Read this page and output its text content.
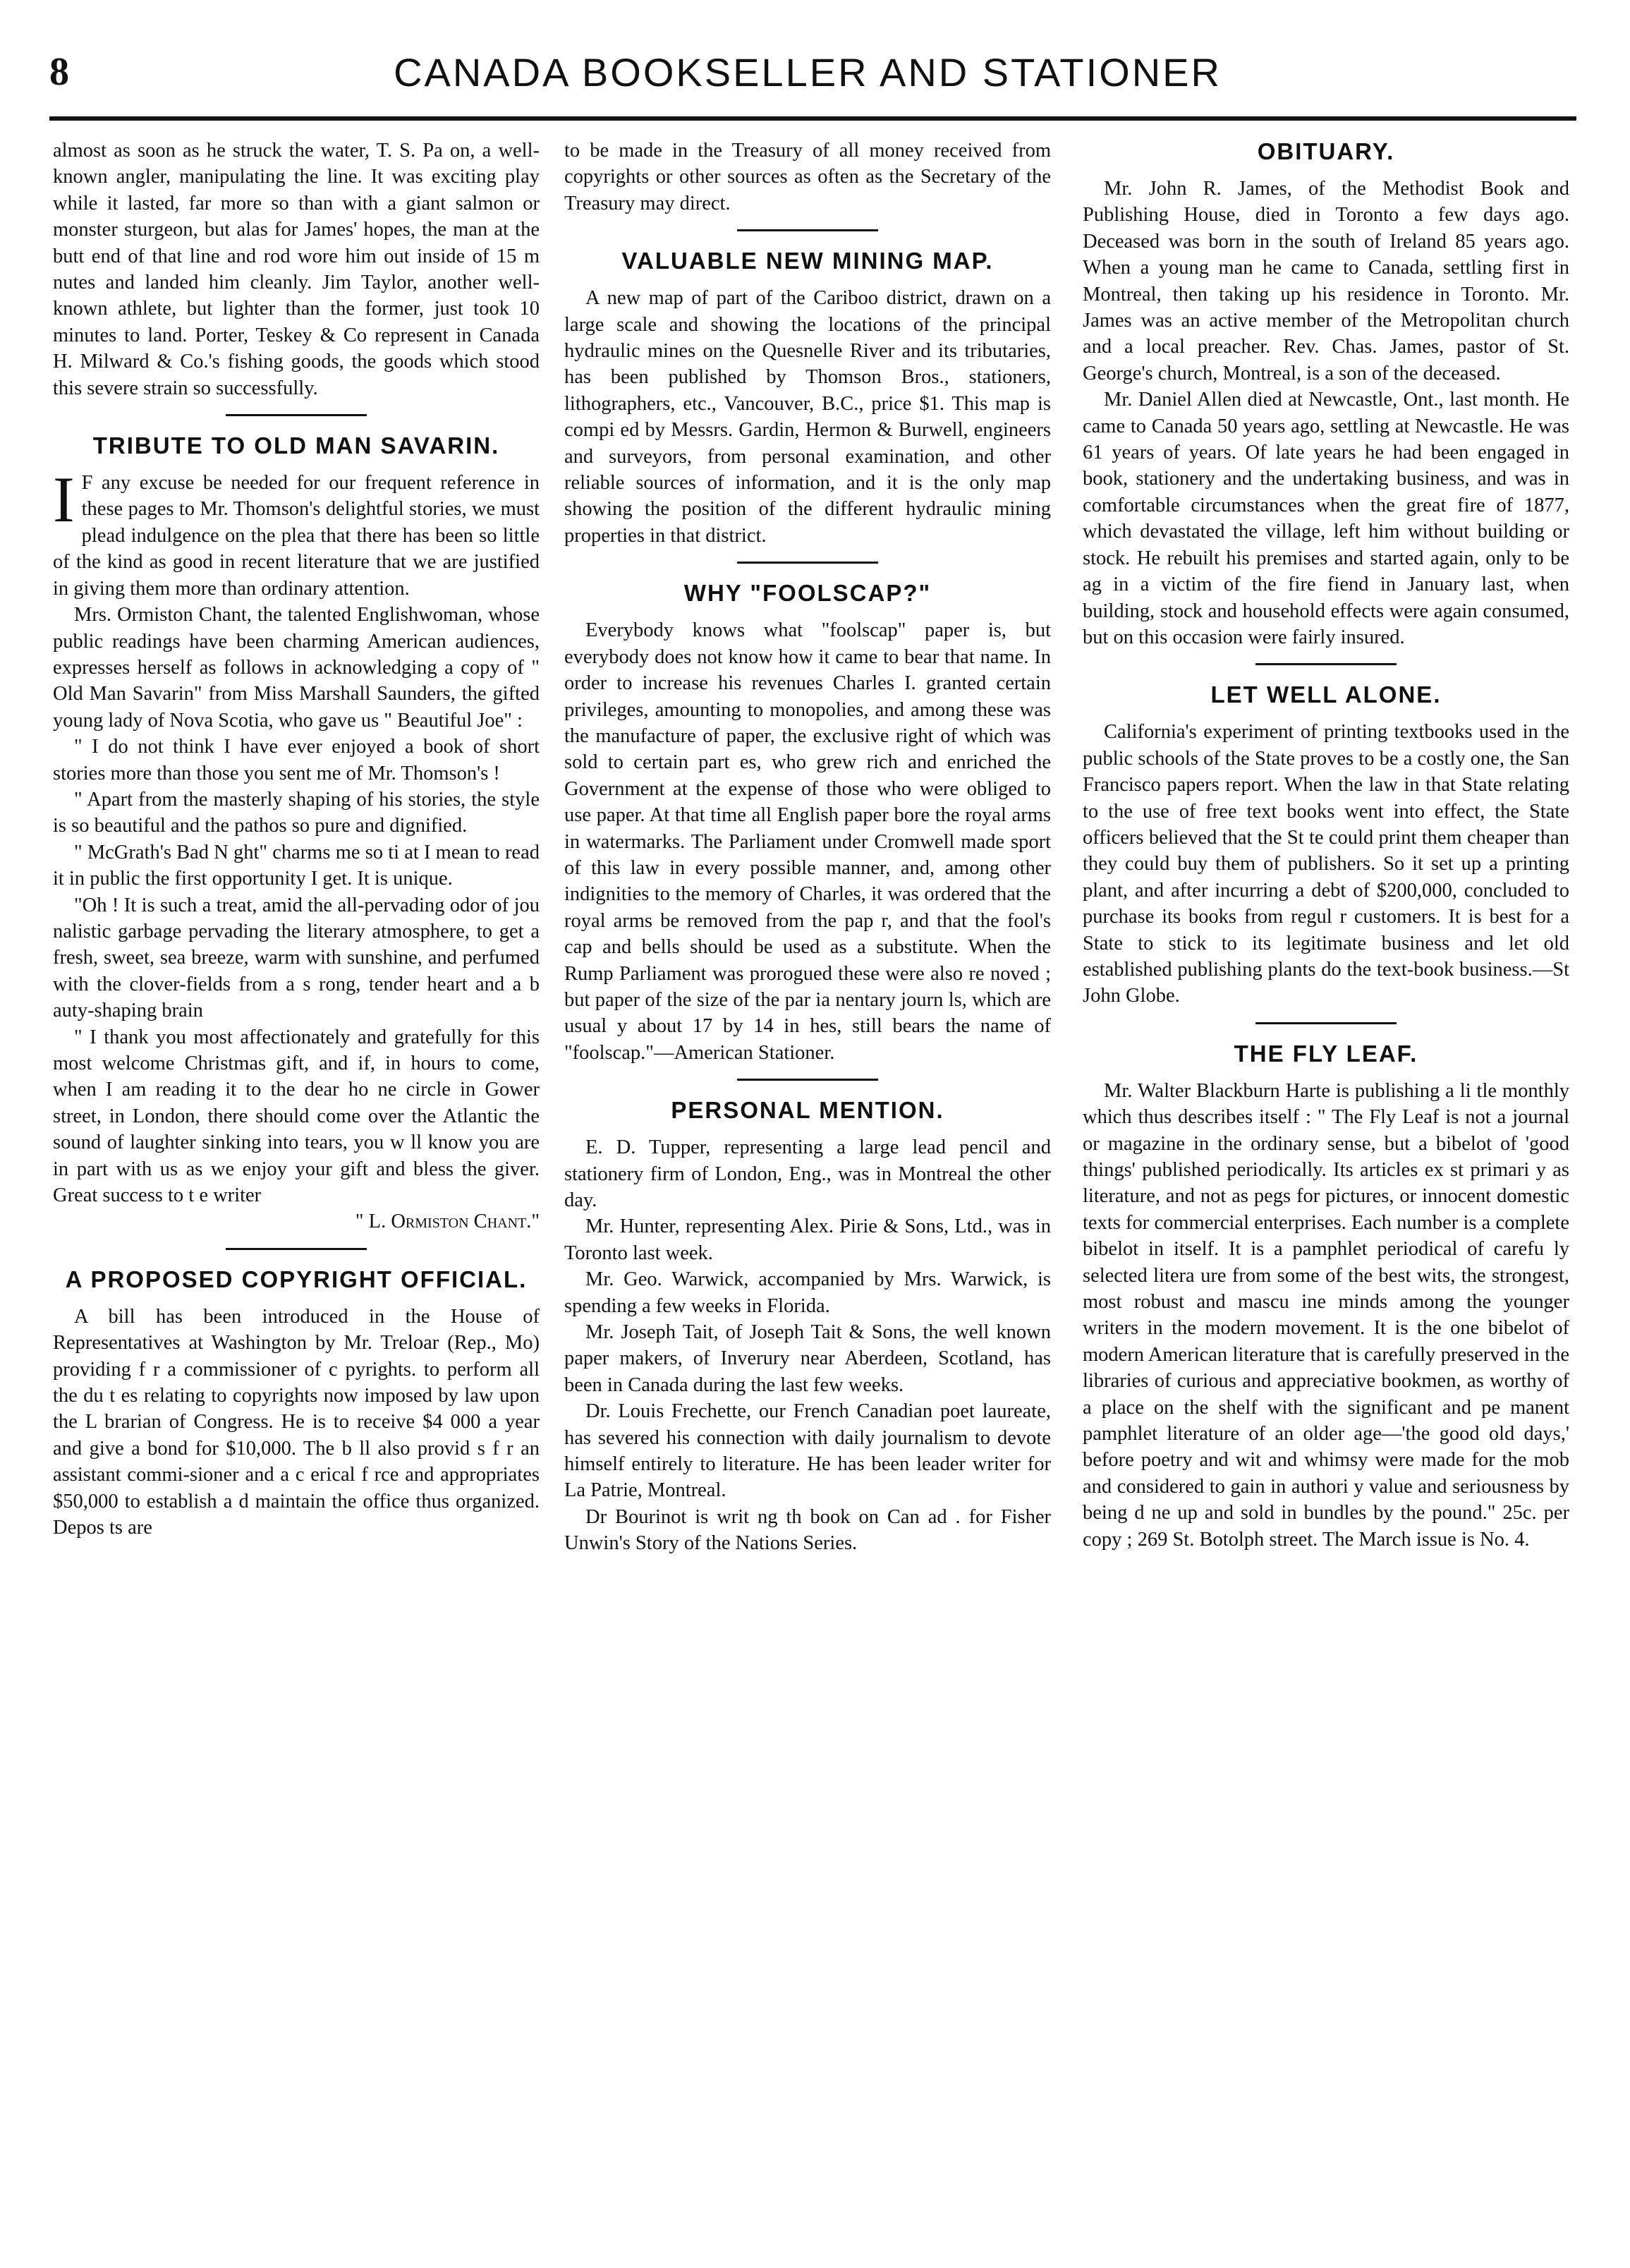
8	CANADA BOOKSELLER AND STATIONER

almost as soon as he struck the water, T. S. Pa on, a well-known angler, manipulating the line. It was exciting play while it lasted, far more so than with a giant salmon or monster sturgeon, but alas for James' hopes, the man at the butt end of that line and rod wore him out inside of 15 m nutes and landed him cleanly. Jim Taylor, another well-known athlete, but lighter than the former, just took 10 minutes to land. Porter, Teskey & Co represent in Canada H. Milward & Co.'s fishing goods, the goods which stood this severe strain so successfully.

TRIBUTE TO OLD MAN SAVARIN.

I F any excuse be needed for our frequent reference in these pages to Mr. Thomson's delightful stories, we must plead indulgence on the plea that there has been so little of the kind as good in recent literature that we are justified in giving them more than ordinary attention.

Mrs. Ormiston Chant, the talented Englishwoman, whose public readings have been charming American audiences, expresses herself as follows in acknowledging a copy of " Old Man Savarin" from Miss Marshall Saunders, the gifted young lady of Nova Scotia, who gave us " Beautiful Joe" :

" I do not think I have ever enjoyed a book of short stories more than those you sent me of Mr. Thomson's !

" Apart from the masterly shaping of his stories, the style is so beautiful and the pathos so pure and dignified.

" McGrath's Bad N ght" charms me so ti at I mean to read it in public the first opportunity I get. It is unique.

"Oh ! It is such a treat, amid the all-pervading odor of jou nalistic garbage pervading the literary atmosphere, to get a fresh, sweet, sea breeze, warm with sunshine, and perfumed with the clover-fields from a s rong, tender heart and a b auty-shaping brain

" I thank you most affectionately and gratefully for this most welcome Christmas gift, and if, in hours to come, when I am reading it to the dear ho ne circle in Gower street, in London, there should come over the Atlantic the sound of laughter sinking into tears, you w ll know you are in part with us as we enjoy your gift and bless the giver. Great success to t e writer

" L. Ormiston Chant."

A PROPOSED COPYRIGHT OFFICIAL.

A bill has been introduced in the House of Representatives at Washington by Mr. Treloar (Rep., Mo) providing f r a commissioner of c pyrights. to perform all the du t es relating to copyrights now imposed by law upon the L brarian of Congress. He is to receive $4 000 a year and give a bond for $10,000. The b ll also provid s f r an assistant commi-sioner and a c erical f rce and appropriates $50,000 to establish a d maintain the office thus organized. Depos ts are

to be made in the Treasury of all money received from copyrights or other sources as often as the Secretary of the Treasury may direct.

VALUABLE NEW MINING MAP.

A new map of part of the Cariboo district, drawn on a large scale and showing the locations of the principal hydraulic mines on the Quesnelle River and its tributaries, has been published by Thomson Bros., stationers, lithographers, etc., Vancouver, B.C., price $1. This map is compi ed by Messrs. Gardin, Hermon & Burwell, engineers and surveyors, from personal examination, and other reliable sources of information, and it is the only map showing the position of the different hydraulic mining properties in that district.

WHY "FOOLSCAP?"

Everybody knows what "foolscap" paper is, but everybody does not know how it came to bear that name. In order to increase his revenues Charles I. granted certain privileges, amounting to monopolies, and among these was the manufacture of paper, the exclusive right of which was sold to certain part es, who grew rich and enriched the Government at the expense of those who were obliged to use paper. At that time all English paper bore the royal arms in watermarks. The Parliament under Cromwell made sport of this law in every possible manner, and, among other indignities to the memory of Charles, it was ordered that the royal arms be removed from the pap r, and that the fool's cap and bells should be used as a substitute. When the Rump Parliament was prorogued these were also re noved ; but paper of the size of the par ia nentary journ ls, which are usual y about 17 by 14 in hes, still bears the name of "foolscap."—American Stationer.

PERSONAL MENTION.

E. D. Tupper, representing a large lead pencil and stationery firm of London, Eng., was in Montreal the other day.

Mr. Hunter, representing Alex. Pirie & Sons, Ltd., was in Toronto last week.

Mr. Geo. Warwick, accompanied by Mrs. Warwick, is spending a few weeks in Florida.

Mr. Joseph Tait, of Joseph Tait & Sons, the well known paper makers, of Inverury near Aberdeen, Scotland, has been in Canada during the last few weeks.

Dr. Louis Frechette, our French Canadian poet laureate, has severed his connection with daily journalism to devote himself entirely to literature. He has been leader writer for La Patrie, Montreal.

Dr Bourinot is writ ng th book on Can ad . for Fisher Unwin's Story of the Nations Series.

OBITUARY.

Mr. John R. James, of the Methodist Book and Publishing House, died in Toronto a few days ago. Deceased was born in the south of Ireland 85 years ago. When a young man he came to Canada, settling first in Montreal, then taking up his residence in Toronto. Mr. James was an active member of the Metropolitan church and a local preacher. Rev. Chas. James, pastor of St. George's church, Montreal, is a son of the deceased.

Mr. Daniel Allen died at Newcastle, Ont., last month. He came to Canada 50 years ago, settling at Newcastle. He was 61 years of years. Of late years he had been engaged in book, stationery and the undertaking business, and was in comfortable circumstances when the great fire of 1877, which devastated the village, left him without building or stock. He rebuilt his premises and started again, only to be ag in a victim of the fire fiend in January last, when building, stock and household effects were again consumed, but on this occasion were fairly insured.

LET WELL ALONE.

California's experiment of printing textbooks used in the public schools of the State proves to be a costly one, the San Francisco papers report. When the law in that State relating to the use of free text books went into effect, the State officers believed that the St te could print them cheaper than they could buy them of publishers. So it set up a printing plant, and after incurring a debt of $200,000, concluded to purchase its books from regul r customers. It is best for a State to stick to its legitimate business and let old established publishing plants do the text-book business.—St John Globe.

THE FLY LEAF.

Mr. Walter Blackburn Harte is publishing a li tle monthly which thus describes itself : " The Fly Leaf is not a journal or magazine in the ordinary sense, but a bibelot of 'good things' published periodically. Its articles ex st primari y as literature, and not as pegs for pictures, or innocent domestic texts for commercial enterprises. Each number is a complete bibelot in itself. It is a pamphlet periodical of carefu ly selected litera ure from some of the best wits, the strongest, most robust and mascu ine minds among the younger writers in the modern movement. It is the one bibelot of modern American literature that is carefully preserved in the libraries of curious and appreciative bookmen, as worthy of a place on the shelf with the significant and pe manent pamphlet literature of an older age—'the good old days,' before poetry and wit and whimsy were made for the mob and considered to gain in authori y value and seriousness by being d ne up and sold in bundles by the pound." 25c. per copy ; 269 St. Botolph street. The March issue is No. 4.
